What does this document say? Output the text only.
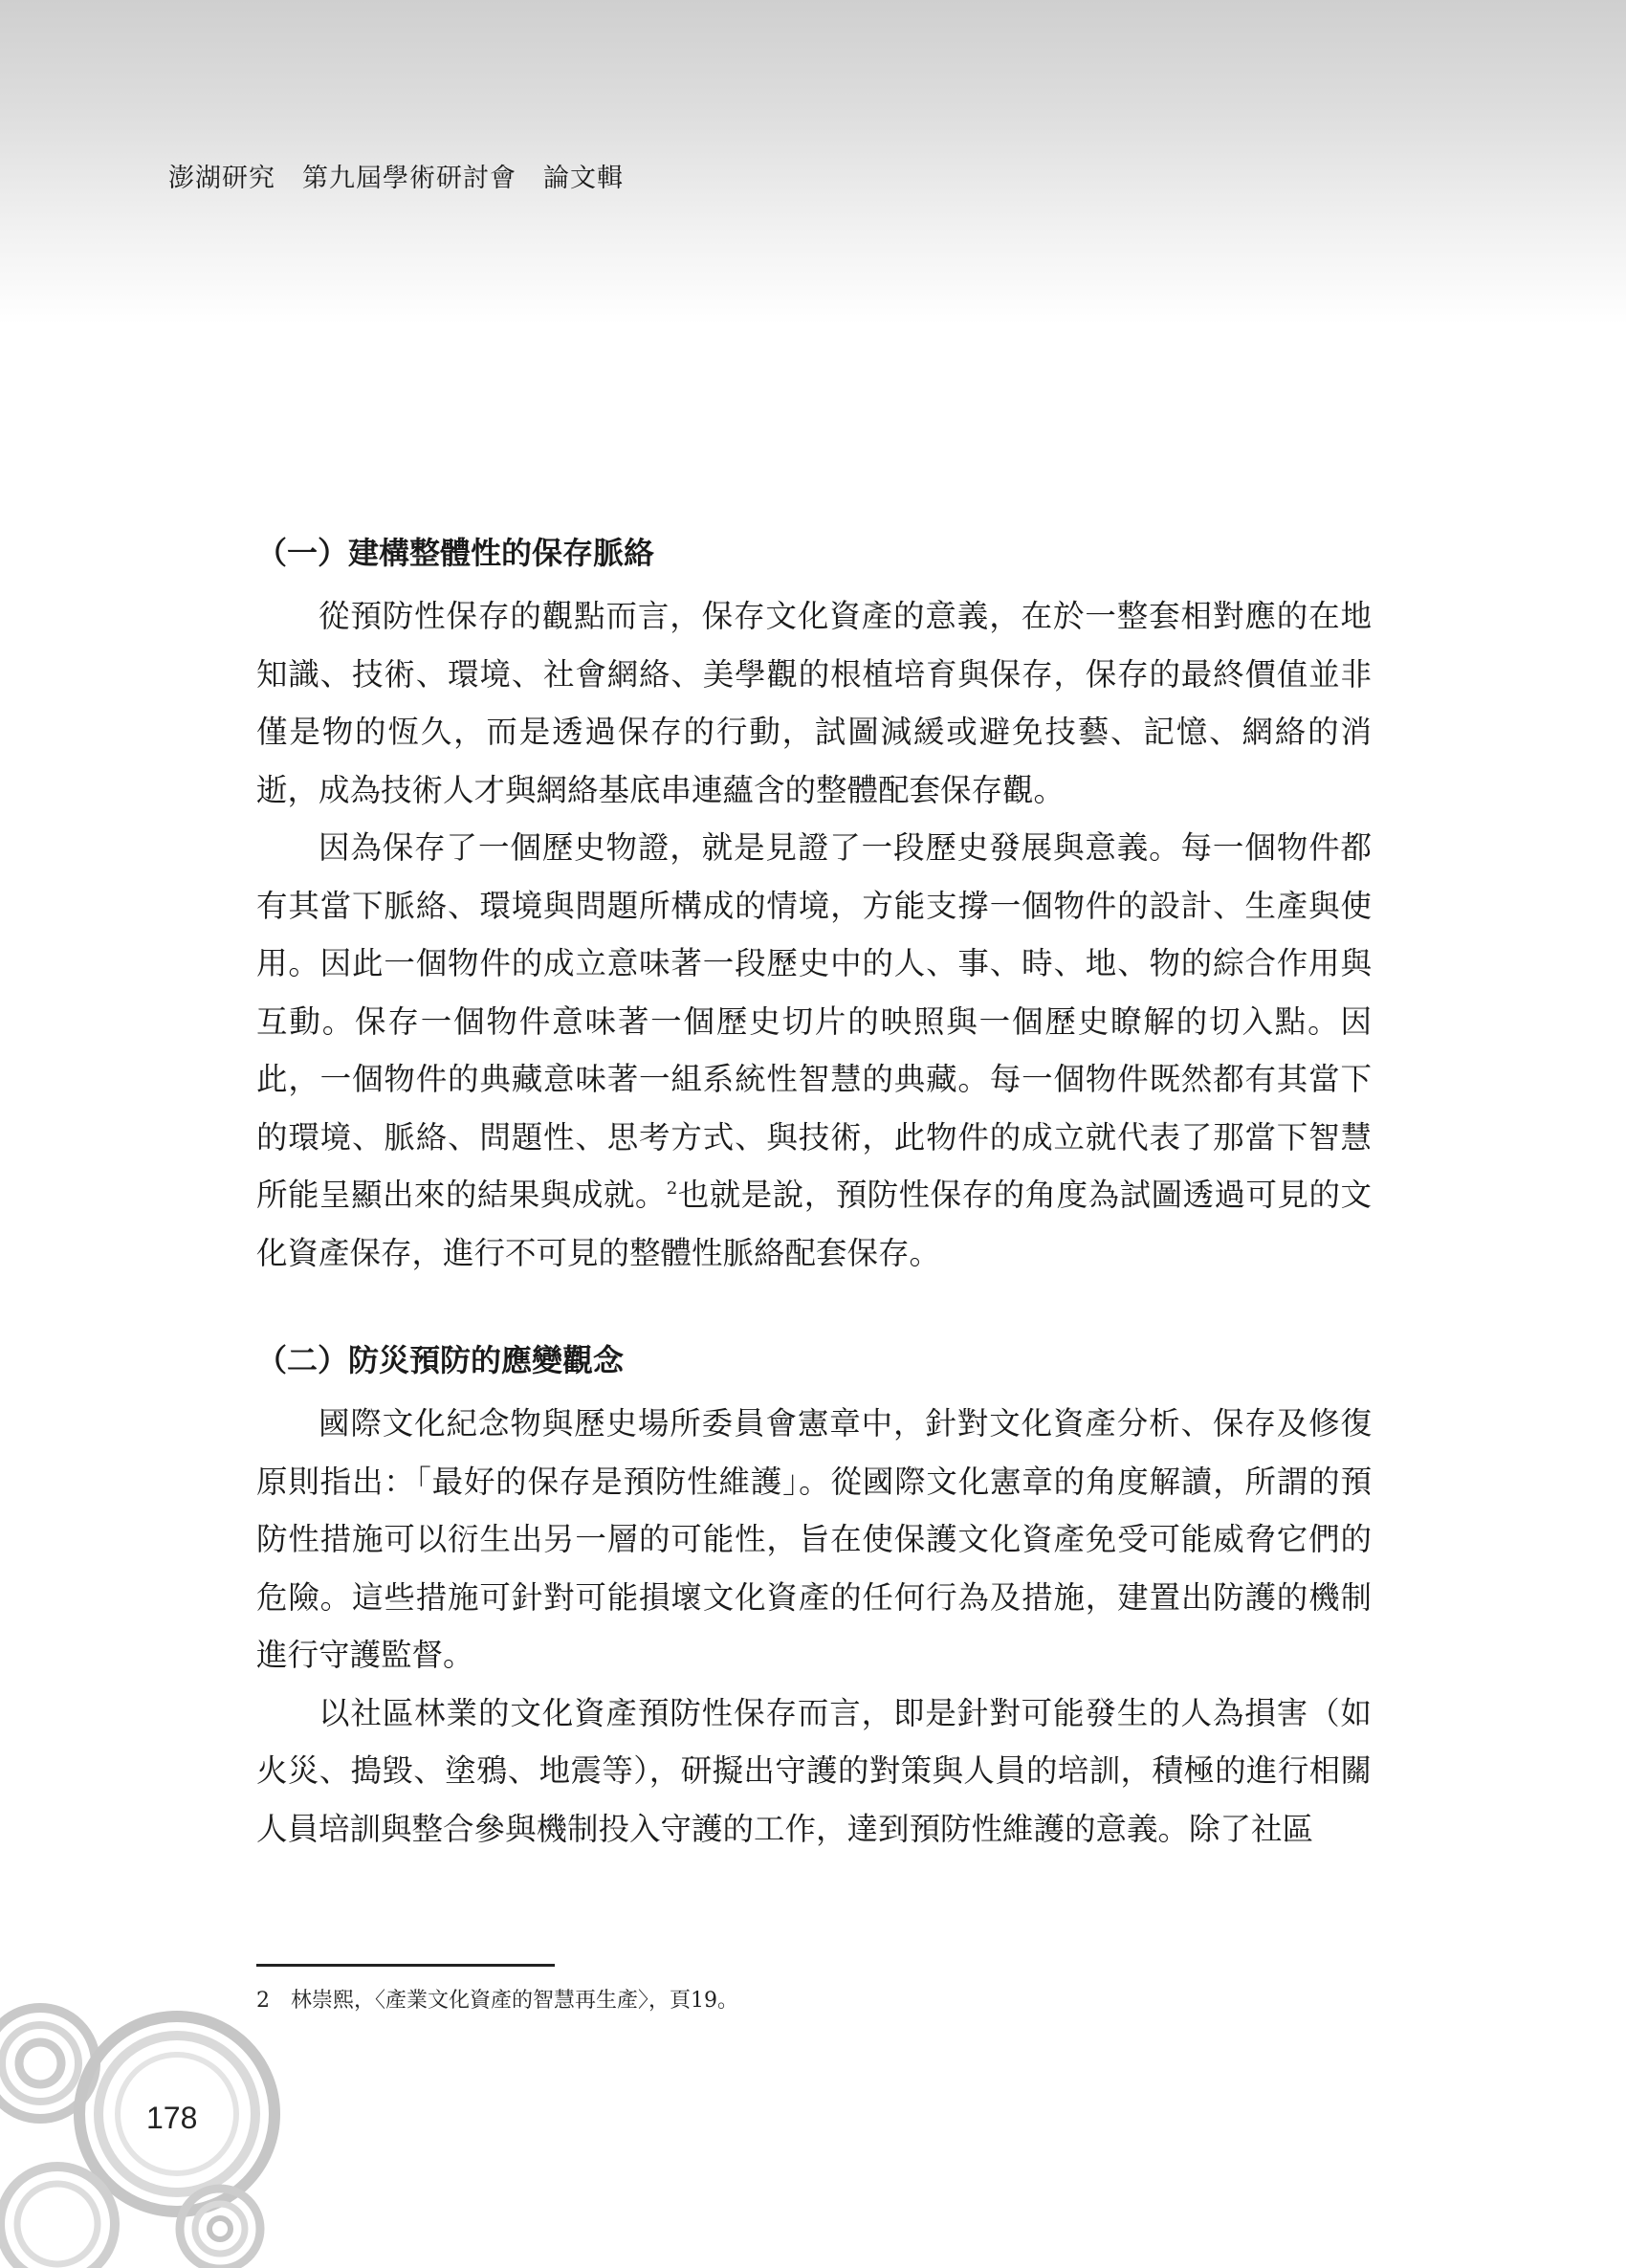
澎湖研究　第九屆學術研討會　論文輯
（一）建構整體性的保存脈絡

從預防性保存的觀點而言，保存文化資產的意義，在於一整套相對應的在地知識、技術、環境、社會網絡、美學觀的根植培育與保存，保存的最終價值並非僅是物的恆久，而是透過保存的行動，試圖減緩或避免技藝、記憶、網絡的消逝，成為技術人才與網絡基底串連蘊含的整體配套保存觀。

因為保存了一個歷史物證，就是見證了一段歷史發展與意義。每一個物件都有其當下脈絡、環境與問題所構成的情境，方能支撐一個物件的設計、生產與使用。因此一個物件的成立意味著一段歷史中的人、事、時、地、物的綜合作用與互動。保存一個物件意味著一個歷史切片的映照與一個歷史瞭解的切入點。因此，一個物件的典藏意味著一組系統性智慧的典藏。每一個物件既然都有其當下的環境、脈絡、問題性、思考方式、與技術，此物件的成立就代表了那當下智慧所能呈顯出來的結果與成就。$^2$也就是說，預防性保存的角度為試圖透過可見的文化資產保存，進行不可見的整體性脈絡配套保存。

（二）防災預防的應變觀念

國際文化紀念物與歷史場所委員會憲章中，針對文化資產分析、保存及修復原則指出：「最好的保存是預防性維護」。從國際文化憲章的角度解讀，所謂的預防性措施可以衍生出另一層的可能性，旨在使保護文化資產免受可能威脅它們的危險。這些措施可針對可能損壞文化資產的任何行為及措施，建置出防護的機制進行守護監督。

以社區林業的文化資產預防性保存而言，即是針對可能發生的人為損害（如火災、搗毀、塗鴉、地震等），研擬出守護的對策與人員的培訓，積極的進行相關人員培訓與整合參與機制投入守護的工作，達到預防性維護的意義。除了社區

2　林崇熙，〈產業文化資產的智慧再生產〉，頁19。
178
